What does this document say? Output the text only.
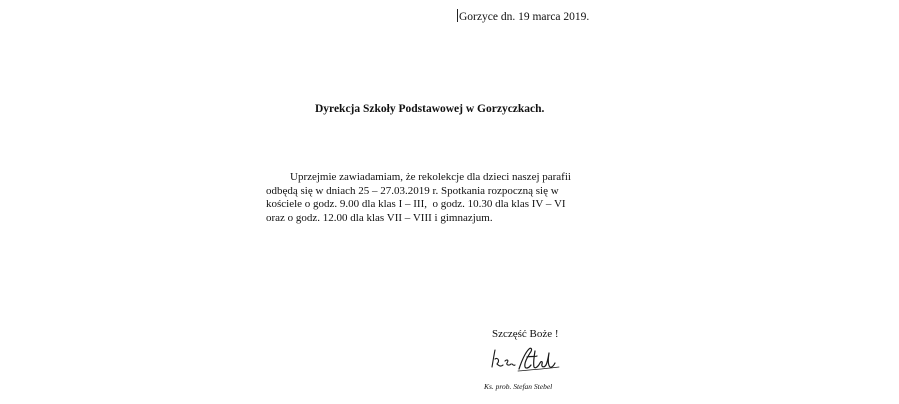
Gorzyce dn. 19 marca 2019.
Dyrekcja Szkoły Podstawowej w Gorzyczkach.
Uprzejmie zawiadamiam, że rekolekcje dla dzieci naszej parafii
odbędą się w dniach 25 – 27.03.2019 r. Spotkania rozpoczną się w
kościele o godz. 9.00 dla klas I – III,  o godz. 10.30 dla klas IV – VI
oraz o godz. 12.00 dla klas VII – VIII i gimnazjum.
Szczęść Boże !
Ks. prob. Stefan Stebel
